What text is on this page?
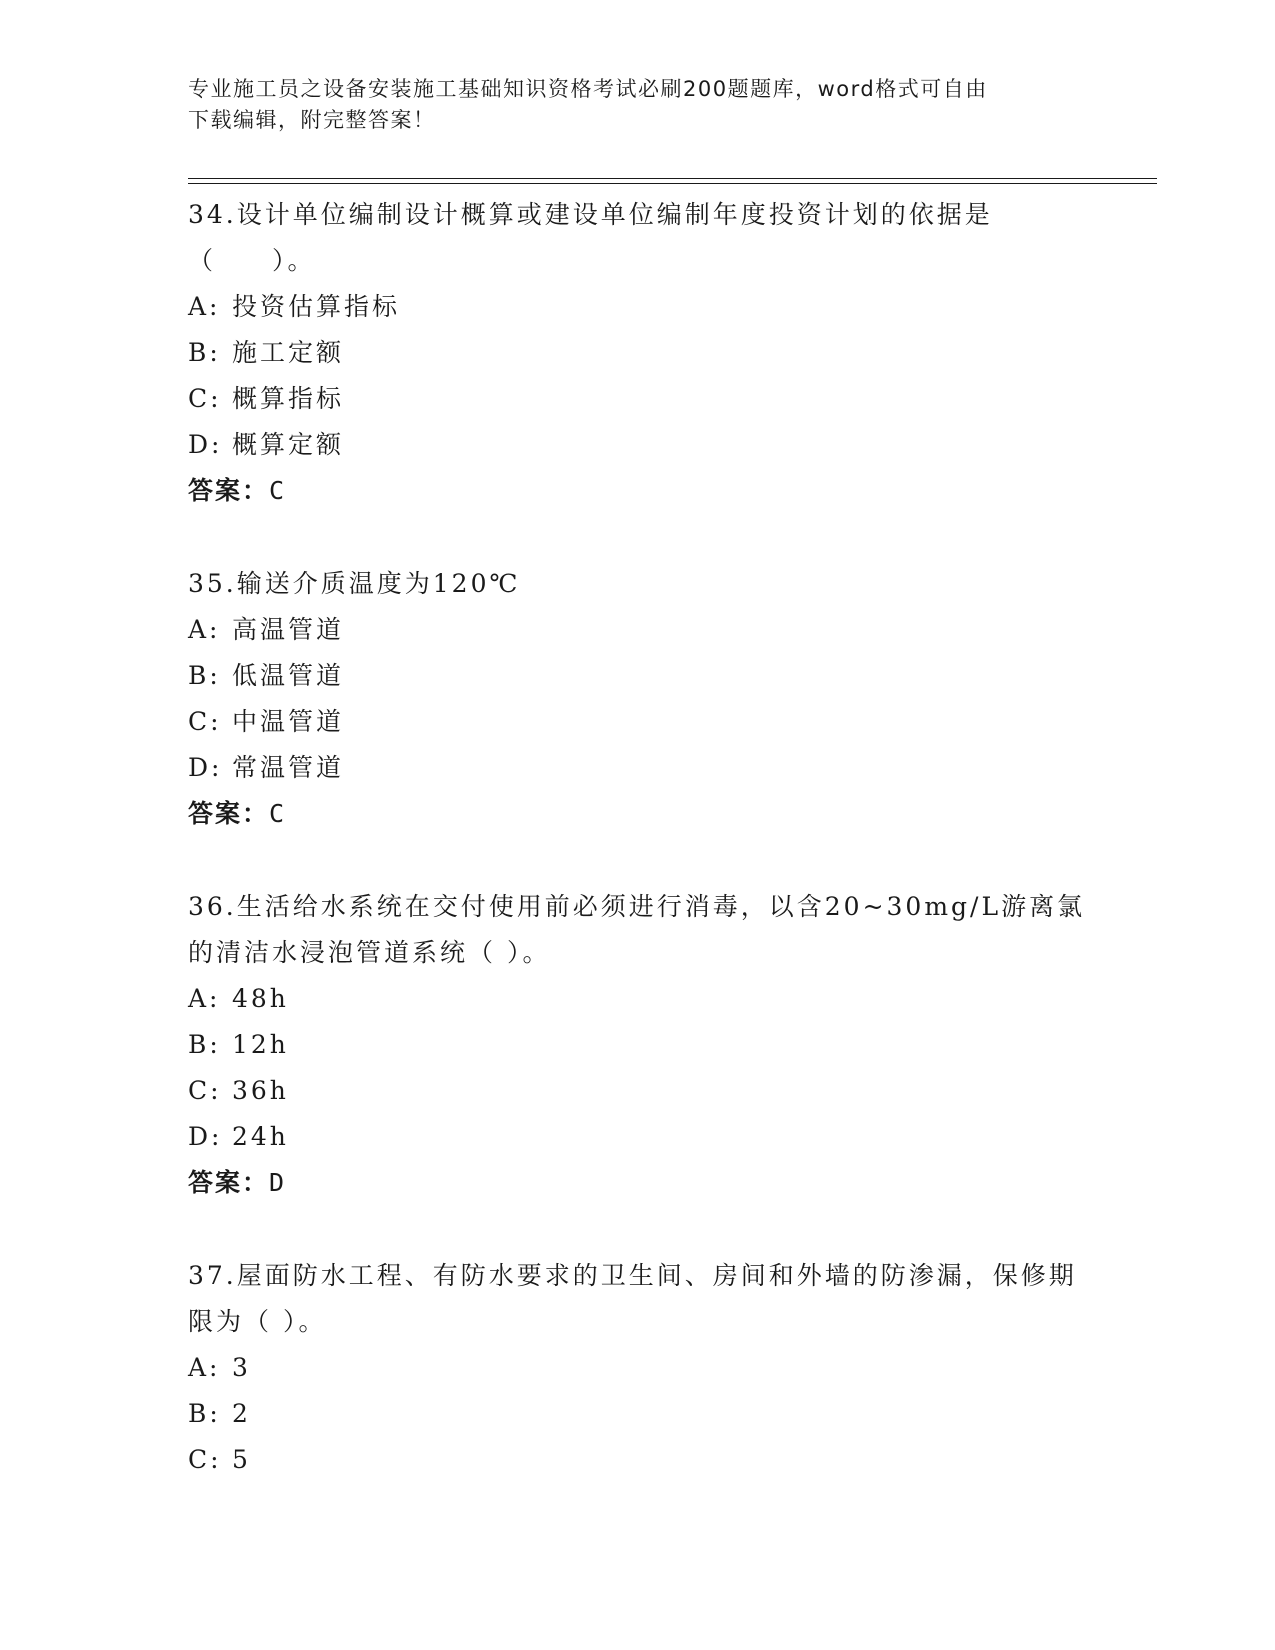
专业施工员之设备安装施工基础知识资格考试必刷200题题库，word格式可自由
下载编辑，附完整答案！

34.设计单位编制设计概算或建设单位编制年度投资计划的依据是（　　）。

A: 投资估算指标

B: 施工定额

C: 概算指标

D: 概算定额

答案：C

35.输送介质温度为120℃

A: 高温管道

B: 低温管道

C: 中温管道

D: 常温管道

答案：C

36.生活给水系统在交付使用前必须进行消毒，以含20~30mg/L游离氯的清洁水浸泡管道系统（ ）。

A: 48h

B: 12h

C: 36h

D: 24h

答案：D

37.屋面防水工程、有防水要求的卫生间、房间和外墙的防渗漏，保修期限为（ ）。

A: 3

B: 2

C: 5
